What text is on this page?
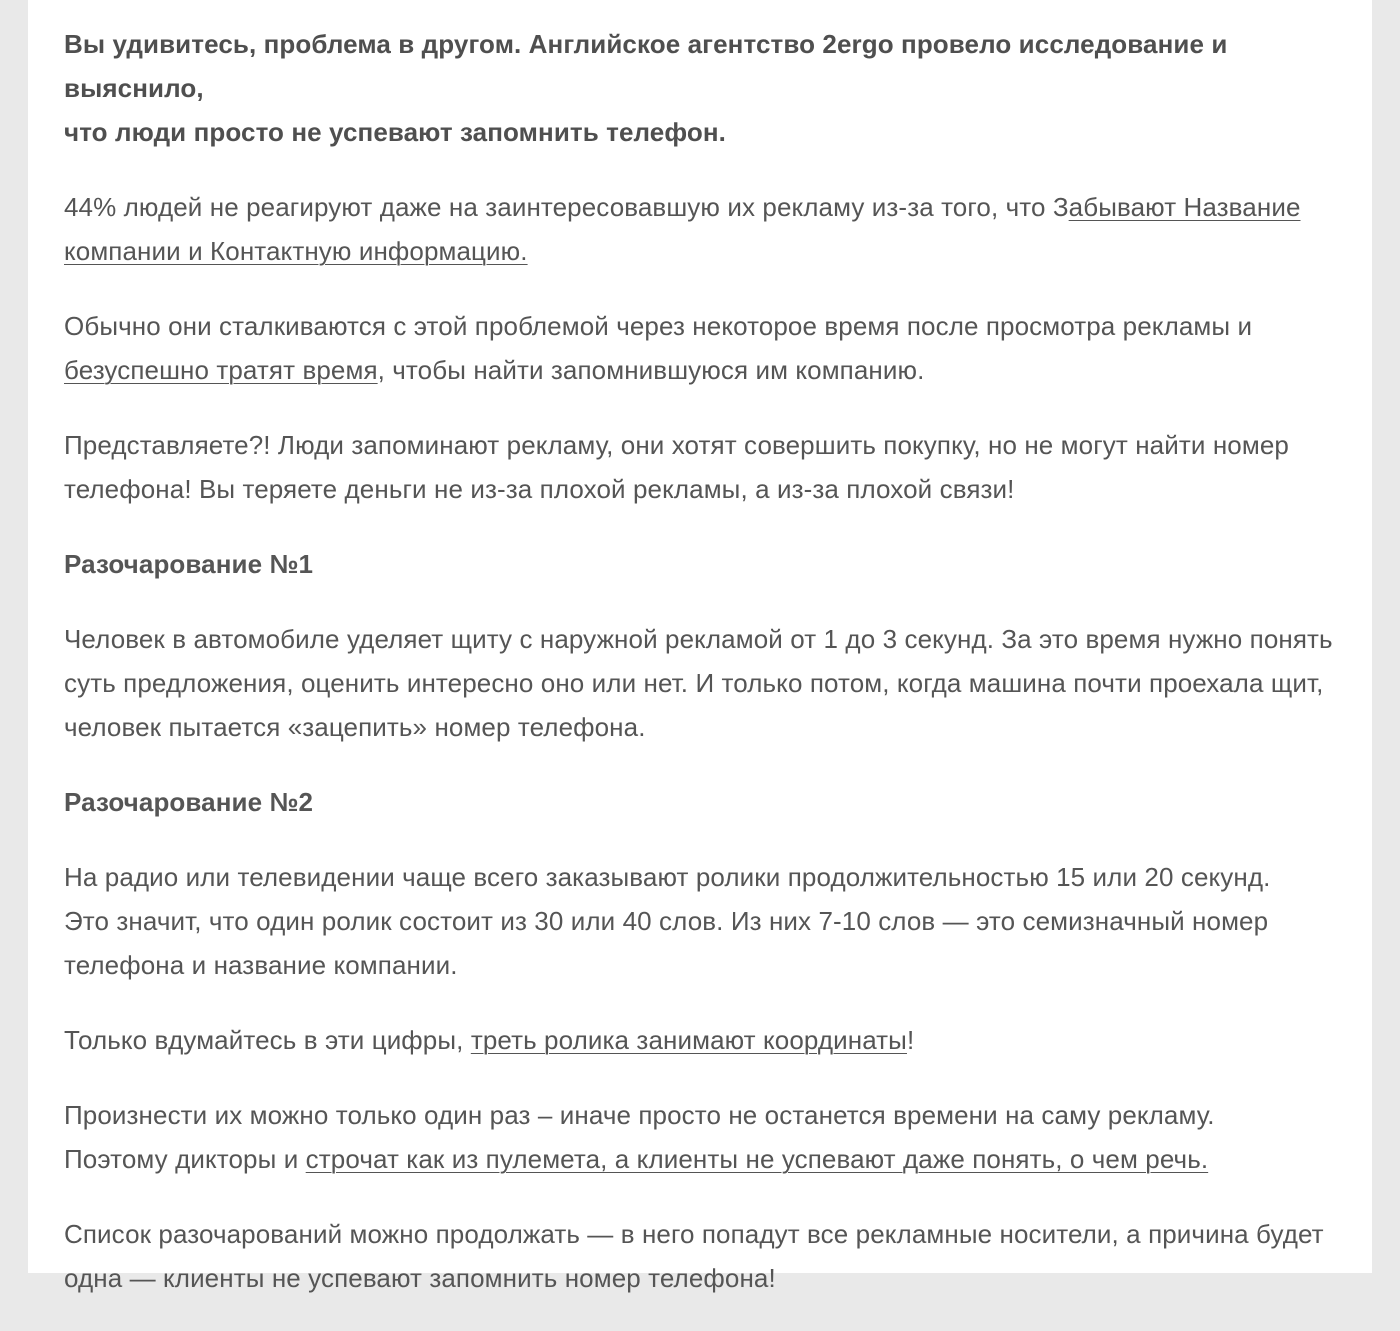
Вы удивитесь, проблема в другом. Английское агентство 2ergo провело исследование и выяснило,
что люди просто не успевают запомнить телефон.

44% людей не реагируют даже на заинтересовавшую их рекламу из-за того, что Забывают Название компании и Контактную информацию.

Обычно они сталкиваются с этой проблемой через некоторое время после просмотра рекламы и безуспешно тратят время, чтобы найти запомнившуюся им компанию.

Представляете?! Люди запоминают рекламу, они хотят совершить покупку, но не могут найти номер телефона! Вы теряете деньги не из-за плохой рекламы, а из-за плохой связи!

Разочарование №1

Человек в автомобиле уделяет щиту с наружной рекламой от 1 до 3 секунд. За это время нужно понять суть предложения, оценить интересно оно или нет. И только потом, когда машина почти проехала щит, человек пытается «зацепить» номер телефона.

Разочарование №2

На радио или телевидении чаще всего заказывают ролики продолжительностью 15 или 20 секунд.
Это значит, что один ролик состоит из 30 или 40 слов. Из них 7-10 слов — это семизначный номер телефона и название компании.

Только вдумайтесь в эти цифры, треть ролика занимают координаты!

Произнести их можно только один раз – иначе просто не останется времени на саму рекламу.
Поэтому дикторы и строчат как из пулемета, а клиенты не успевают даже понять, о чем речь.

Список разочарований можно продолжать — в него попадут все рекламные носители, а причина будет одна — клиенты не успевают запомнить номер телефона!
